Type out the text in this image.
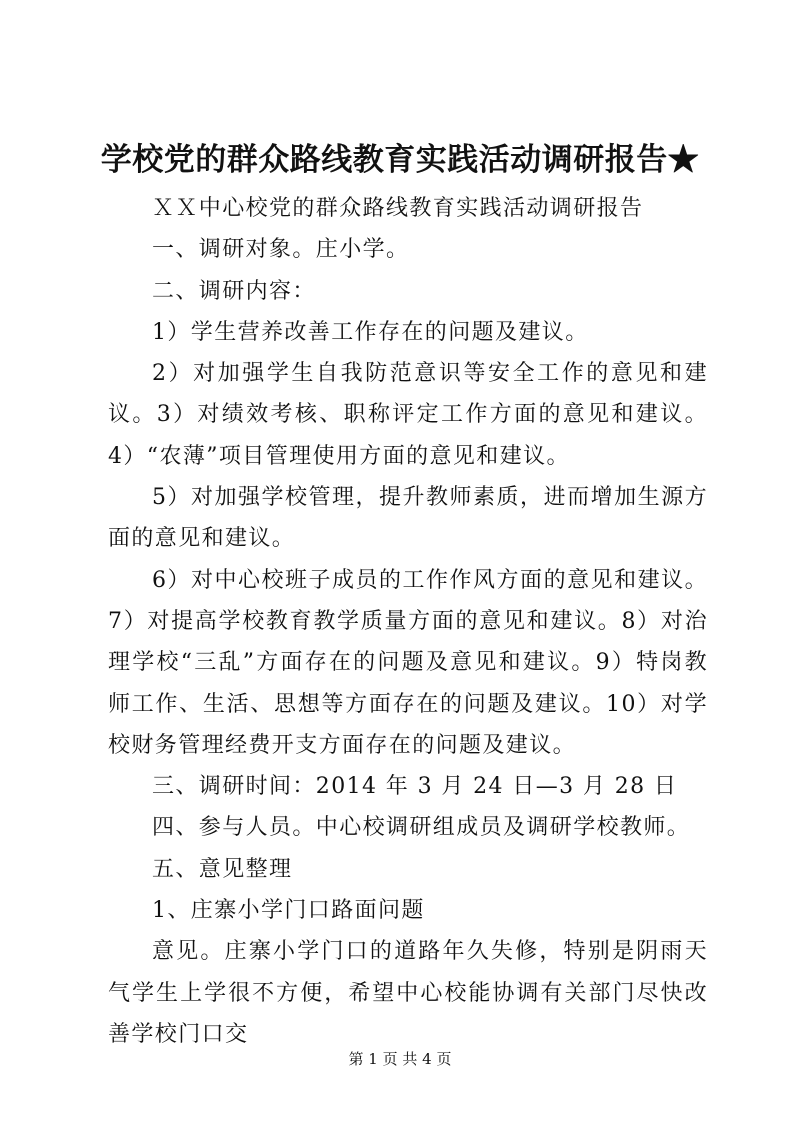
学校党的群众路线教育实践活动调研报告★

ＸＸ中心校党的群众路线教育实践活动调研报告

一、调研对象。庄小学。

二、调研内容：

1）学生营养改善工作存在的问题及建议。

2）对加强学生自我防范意识等安全工作的意见和建议。3）对绩效考核、职称评定工作方面的意见和建议。4）“农薄”项目管理使用方面的意见和建议。

5）对加强学校管理，提升教师素质，进而增加生源方面的意见和建议。

6）对中心校班子成员的工作作风方面的意见和建议。7）对提高学校教育教学质量方面的意见和建议。8）对治理学校“三乱”方面存在的问题及意见和建议。9）特岗教师工作、生活、思想等方面存在的问题及建议。10）对学校财务管理经费开支方面存在的问题及建议。

三、调研时间：2014 年 3 月 24 日—3 月 28 日

四、参与人员。中心校调研组成员及调研学校教师。

五、意见整理

1、庄寨小学门口路面问题

意见。庄寨小学门口的道路年久失修，特别是阴雨天气学生上学很不方便，希望中心校能协调有关部门尽快改善学校门口交

第 1 页 共 4 页
